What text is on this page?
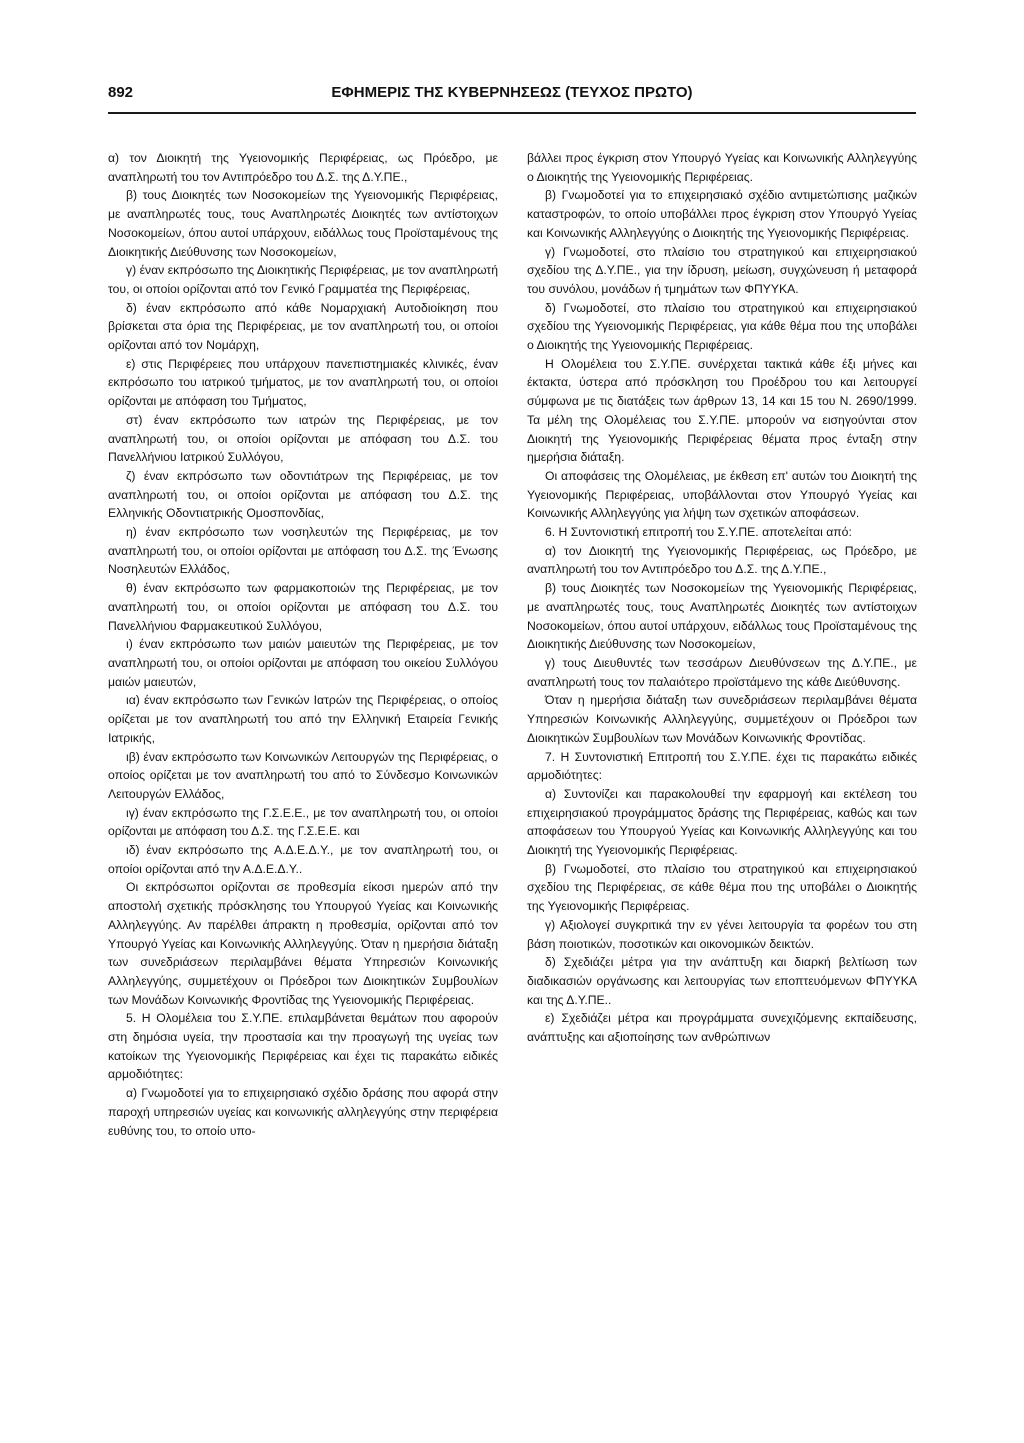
892	ΕΦΗΜΕΡΙΣ ΤΗΣ ΚΥΒΕΡΝΗΣΕΩΣ (ΤΕΥΧΟΣ ΠΡΩΤΟ)

α) τον Διοικητή της Υγειονομικής Περιφέρειας, ως Πρόεδρο, με αναπληρωτή του τον Αντιπρόεδρο του Δ.Σ. της Δ.Υ.ΠΕ.,

β) τους Διοικητές των Νοσοκομείων της Υγειονομικής Περιφέρειας, με αναπληρωτές τους, τους Αναπληρωτές Διοικητές των αντίστοιχων Νοσοκομείων, όπου αυτοί υπάρχουν, ειδάλλως τους Προϊσταμένους της Διοικητικής Διεύθυνσης των Νοσοκομείων,

γ) έναν εκπρόσωπο της Διοικητικής Περιφέρειας, με τον αναπληρωτή του, οι οποίοι ορίζονται από τον Γενικό Γραμματέα της Περιφέρειας,

δ) έναν εκπρόσωπο από κάθε Νομαρχιακή Αυτοδιοίκηση που βρίσκεται στα όρια της Περιφέρειας, με τον αναπληρωτή του, οι οποίοι ορίζονται από τον Νομάρχη,

ε) στις Περιφέρειες που υπάρχουν πανεπιστημιακές κλινικές, έναν εκπρόσωπο του ιατρικού τμήματος, με τον αναπληρωτή του, οι οποίοι ορίζονται με απόφαση του Τμήματος,

στ) έναν εκπρόσωπο των ιατρών της Περιφέρειας, με τον αναπληρωτή του, οι οποίοι ορίζονται με απόφαση του Δ.Σ. του Πανελλήνιου Ιατρικού Συλλόγου,

ζ) έναν εκπρόσωπο των οδοντιάτρων της Περιφέρειας, με τον αναπληρωτή του, οι οποίοι ορίζονται με απόφαση του Δ.Σ. της Ελληνικής Οδοντιατρικής Ομοσπονδίας,

η) έναν εκπρόσωπο των νοσηλευτών της Περιφέρειας, με τον αναπληρωτή του, οι οποίοι ορίζονται με απόφαση του Δ.Σ. της Ένωσης Νοσηλευτών Ελλάδος,

θ) έναν εκπρόσωπο των φαρμακοποιών της Περιφέρειας, με τον αναπληρωτή του, οι οποίοι ορίζονται με απόφαση του Δ.Σ. του Πανελλήνιου Φαρμακευτικού Συλλόγου,

ι) έναν εκπρόσωπο των μαιών μαιευτών της Περιφέρειας, με τον αναπληρωτή του, οι οποίοι ορίζονται με απόφαση του οικείου Συλλόγου μαιών μαιευτών,

ια) έναν εκπρόσωπο των Γενικών Ιατρών της Περιφέρειας, ο οποίος ορίζεται με τον αναπληρωτή του από την Ελληνική Εταιρεία Γενικής Ιατρικής,

ιβ) έναν εκπρόσωπο των Κοινωνικών Λειτουργών της Περιφέρειας, ο οποίος ορίζεται με τον αναπληρωτή του από το Σύνδεσμο Κοινωνικών Λειτουργών Ελλάδος,

ιγ) έναν εκπρόσωπο της Γ.Σ.Ε.Ε., με τον αναπληρωτή του, οι οποίοι ορίζονται με απόφαση του Δ.Σ. της Γ.Σ.Ε.Ε. και

ιδ) έναν εκπρόσωπο της Α.Δ.Ε.Δ.Υ., με τον αναπληρωτή του, οι οποίοι ορίζονται από την Α.Δ.Ε.Δ.Υ..

Οι εκπρόσωποι ορίζονται σε προθεσμία είκοσι ημερών από την αποστολή σχετικής πρόσκλησης του Υπουργού Υγείας και Κοινωνικής Αλληλεγγύης. Αν παρέλθει άπρακτη η προθεσμία, ορίζονται από τον Υπουργό Υγείας και Κοινωνικής Αλληλεγγύης. Όταν η ημερήσια διάταξη των συνεδριάσεων περιλαμβάνει θέματα Υπηρεσιών Κοινωνικής Αλληλεγγύης, συμμετέχουν οι Πρόεδροι των Διοικητικών Συμβουλίων των Μονάδων Κοινωνικής Φροντίδας της Υγειονομικής Περιφέρειας.

5. Η Ολομέλεια του Σ.Υ.ΠΕ. επιλαμβάνεται θεμάτων που αφορούν στη δημόσια υγεία, την προστασία και την προαγωγή της υγείας των κατοίκων της Υγειονομικής Περιφέρειας και έχει τις παρακάτω ειδικές αρμοδιότητες:

α) Γνωμοδοτεί για το επιχειρησιακό σχέδιο δράσης που αφορά στην παροχή υπηρεσιών υγείας και κοινωνικής αλληλεγγύης στην περιφέρεια ευθύνης του, το οποίο υπο-

βάλλει προς έγκριση στον Υπουργό Υγείας και Κοινωνικής Αλληλεγγύης ο Διοικητής της Υγειονομικής Περιφέρειας.

β) Γνωμοδοτεί για το επιχειρησιακό σχέδιο αντιμετώπισης μαζικών καταστροφών, το οποίο υποβάλλει προς έγκριση στον Υπουργό Υγείας και Κοινωνικής Αλληλεγγύης ο Διοικητής της Υγειονομικής Περιφέρειας.

γ) Γνωμοδοτεί, στο πλαίσιο του στρατηγικού και επιχειρησιακού σχεδίου της Δ.Υ.ΠΕ., για την ίδρυση, μείωση, συγχώνευση ή μεταφορά του συνόλου, μονάδων ή τμημάτων των ΦΠΥΥΚΑ.

δ) Γνωμοδοτεί, στο πλαίσιο του στρατηγικού και επιχειρησιακού σχεδίου της Υγειονομικής Περιφέρειας, για κάθε θέμα που της υποβάλει ο Διοικητής της Υγειονομικής Περιφέρειας.

Η Ολομέλεια του Σ.Υ.ΠΕ. συνέρχεται τακτικά κάθε έξι μήνες και έκτακτα, ύστερα από πρόσκληση του Προέδρου του και λειτουργεί σύμφωνα με τις διατάξεις των άρθρων 13, 14 και 15 του Ν. 2690/1999. Τα μέλη της Ολομέλειας του Σ.Υ.ΠΕ. μπορούν να εισηγούνται στον Διοικητή της Υγειονομικής Περιφέρειας θέματα προς ένταξη στην ημερήσια διάταξη.

Οι αποφάσεις της Ολομέλειας, με έκθεση επ' αυτών του Διοικητή της Υγειονομικής Περιφέρειας, υποβάλλονται στον Υπουργό Υγείας και Κοινωνικής Αλληλεγγύης για λήψη των σχετικών αποφάσεων.

6. Η Συντονιστική επιτροπή του Σ.Υ.ΠΕ. αποτελείται από:

α) τον Διοικητή της Υγειονομικής Περιφέρειας, ως Πρόεδρο, με αναπληρωτή του τον Αντιπρόεδρο του Δ.Σ. της Δ.Υ.ΠΕ.,

β) τους Διοικητές των Νοσοκομείων της Υγειονομικής Περιφέρειας, με αναπληρωτές τους, τους Αναπληρωτές Διοικητές των αντίστοιχων Νοσοκομείων, όπου αυτοί υπάρχουν, ειδάλλως τους Προϊσταμένους της Διοικητικής Διεύθυνσης των Νοσοκομείων,

γ) τους Διευθυντές των τεσσάρων Διευθύνσεων της Δ.Υ.ΠΕ., με αναπληρωτή τους τον παλαιότερο προϊστάμενο της κάθε Διεύθυνσης.

Όταν η ημερήσια διάταξη των συνεδριάσεων περιλαμβάνει θέματα Υπηρεσιών Κοινωνικής Αλληλεγγύης, συμμετέχουν οι Πρόεδροι των Διοικητικών Συμβουλίων των Μονάδων Κοινωνικής Φροντίδας.

7. Η Συντονιστική Επιτροπή του Σ.Υ.ΠΕ. έχει τις παρακάτω ειδικές αρμοδιότητες:

α) Συντονίζει και παρακολουθεί την εφαρμογή και εκτέλεση του επιχειρησιακού προγράμματος δράσης της Περιφέρειας, καθώς και των αποφάσεων του Υπουργού Υγείας και Κοινωνικής Αλληλεγγύης και του Διοικητή της Υγειονομικής Περιφέρειας.

β) Γνωμοδοτεί, στο πλαίσιο του στρατηγικού και επιχειρησιακού σχεδίου της Περιφέρειας, σε κάθε θέμα που της υποβάλει ο Διοικητής της Υγειονομικής Περιφέρειας.

γ) Αξιολογεί συγκριτικά την εν γένει λειτουργία τα φορέων του στη βάση ποιοτικών, ποσοτικών και οικονομικών δεικτών.

δ) Σχεδιάζει μέτρα για την ανάπτυξη και διαρκή βελτίωση των διαδικασιών οργάνωσης και λειτουργίας των εποπτευόμενων ΦΠΥΥΚΑ και της Δ.Υ.ΠΕ..

ε) Σχεδιάζει μέτρα και προγράμματα συνεχιζόμενης εκπαίδευσης, ανάπτυξης και αξιοποίησης των ανθρώπινων
